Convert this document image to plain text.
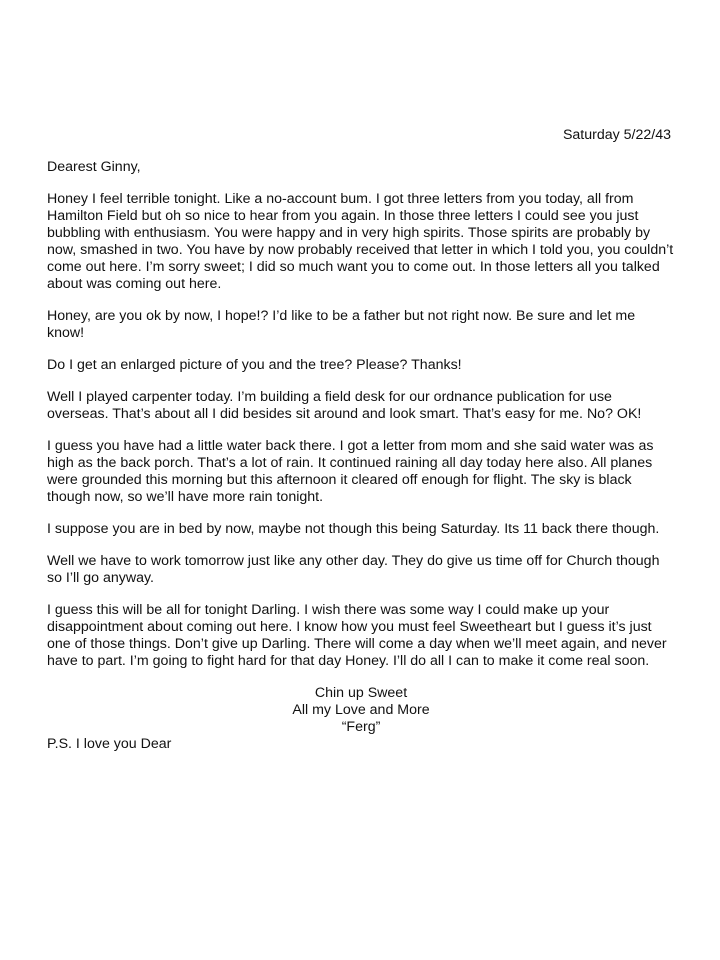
Saturday 5/22/43
Dearest Ginny,
Honey I feel terrible tonight. Like a no-account bum. I got three letters from you today, all from Hamilton Field but oh so nice to hear from you again. In those three letters I could see you just bubbling with enthusiasm. You were happy and in very high spirits. Those spirits are probably by now, smashed in two. You have by now probably received that letter in which I told you, you couldn’t come out here. I’m sorry sweet; I did so much want you to come out. In those letters all you talked about was coming out here.
Honey, are you ok by now, I hope!? I’d like to be a father but not right now. Be sure and let me know!
Do I get an enlarged picture of you and the tree? Please? Thanks!
Well I played carpenter today. I’m building a field desk for our ordnance publication for use overseas. That’s about all I did besides sit around and look smart. That’s easy for me. No? OK!
I guess you have had a little water back there. I got a letter from mom and she said water was as high as the back porch. That’s a lot of rain. It continued raining all day today here also. All planes were grounded this morning but this afternoon it cleared off enough for flight. The sky is black though now, so we’ll have more rain tonight.
I suppose you are in bed by now, maybe not though this being Saturday. Its 11 back there though.
Well we have to work tomorrow just like any other day. They do give us time off for Church though so I’ll go anyway.
I guess this will be all for tonight Darling. I wish there was some way I could make up your disappointment about coming out here. I know how you must feel Sweetheart but I guess it’s just one of those things. Don’t give up Darling. There will come a day when we’ll meet again, and never have to part. I’m going to fight hard for that day Honey. I’ll do all I can to make it come real soon.
Chin up Sweet
All my Love and More
“Ferg”
P.S. I love you Dear
